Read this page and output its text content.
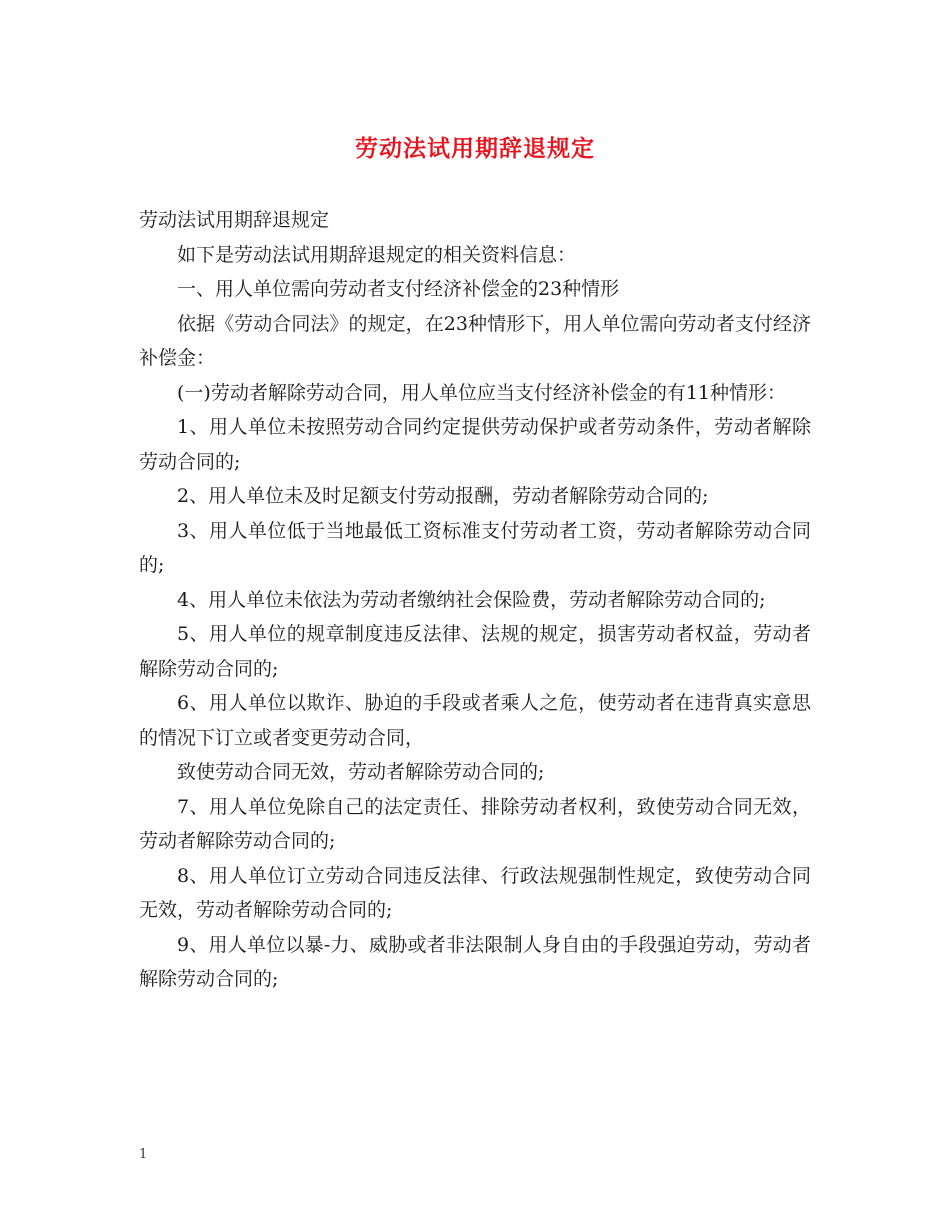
劳动法试用期辞退规定

劳动法试用期辞退规定

如下是劳动法试用期辞退规定的相关资料信息：

一、用人单位需向劳动者支付经济补偿金的23种情形

依据《劳动合同法》的规定，在23种情形下，用人单位需向劳动者支付经济补偿金：

(一)劳动者解除劳动合同，用人单位应当支付经济补偿金的有11种情形：

1、用人单位未按照劳动合同约定提供劳动保护或者劳动条件，劳动者解除劳动合同的;

2、用人单位未及时足额支付劳动报酬，劳动者解除劳动合同的;

3、用人单位低于当地最低工资标准支付劳动者工资，劳动者解除劳动合同的;

4、用人单位未依法为劳动者缴纳社会保险费，劳动者解除劳动合同的;

5、用人单位的规章制度违反法律、法规的规定，损害劳动者权益，劳动者解除劳动合同的;

6、用人单位以欺诈、胁迫的手段或者乘人之危，使劳动者在违背真实意思的情况下订立或者变更劳动合同，

致使劳动合同无效，劳动者解除劳动合同的;

7、用人单位免除自己的法定责任、排除劳动者权利，致使劳动合同无效，劳动者解除劳动合同的;

8、用人单位订立劳动合同违反法律、行政法规强制性规定，致使劳动合同无效，劳动者解除劳动合同的;

9、用人单位以暴-力、威胁或者非法限制人身自由的手段强迫劳动，劳动者解除劳动合同的;

1
